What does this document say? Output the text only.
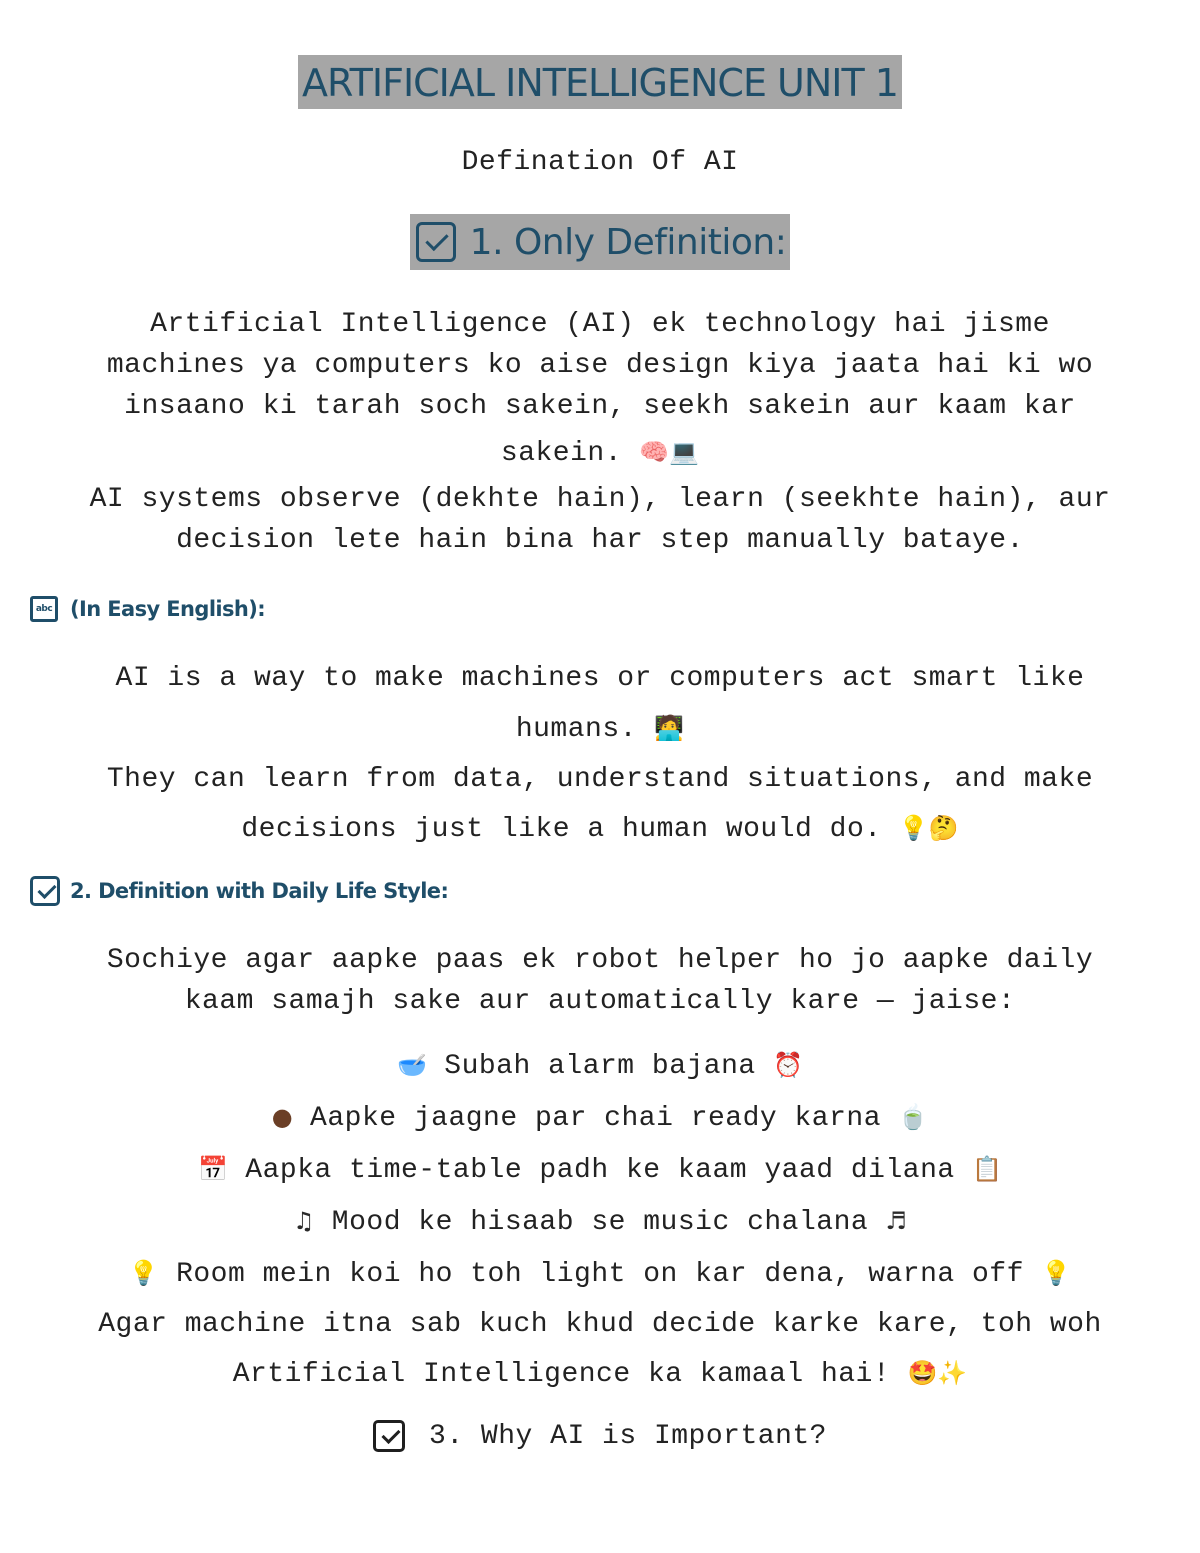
ARTIFICIAL INTELLIGENCE UNIT 1
Defination Of AI
1. Only Definition:
Artificial Intelligence (AI) ek technology hai jisme
machines ya computers ko aise design kiya jaata hai ki wo
insaano ki tarah soch sakein, seekh sakein aur kaam kar
sakein. 🧠💻
AI systems observe (dekhte hain), learn (seekhte hain), aur
decision lete hain bina har step manually bataye.
abc (In Easy English):
AI is a way to make machines or computers act smart like
humans. 🧑‍💻
They can learn from data, understand situations, and make
decisions just like a human would do. 💡🤔
2. Definition with Daily Life Style:
Sochiye agar aapke paas ek robot helper ho jo aapke daily
kaam samajh sake aur automatically kare — jaise:
🥣 Subah alarm bajana ⏰
● Aapke jaagne par chai ready karna 🍵
📅 Aapka time-table padh ke kaam yaad dilana 📋
♫ Mood ke hisaab se music chalana ♬
💡 Room mein koi ho toh light on kar dena, warna off 💡
Agar machine itna sab kuch khud decide karke kare, toh woh
Artificial Intelligence ka kamaal hai! 🤩✨
3. Why AI is Important?
